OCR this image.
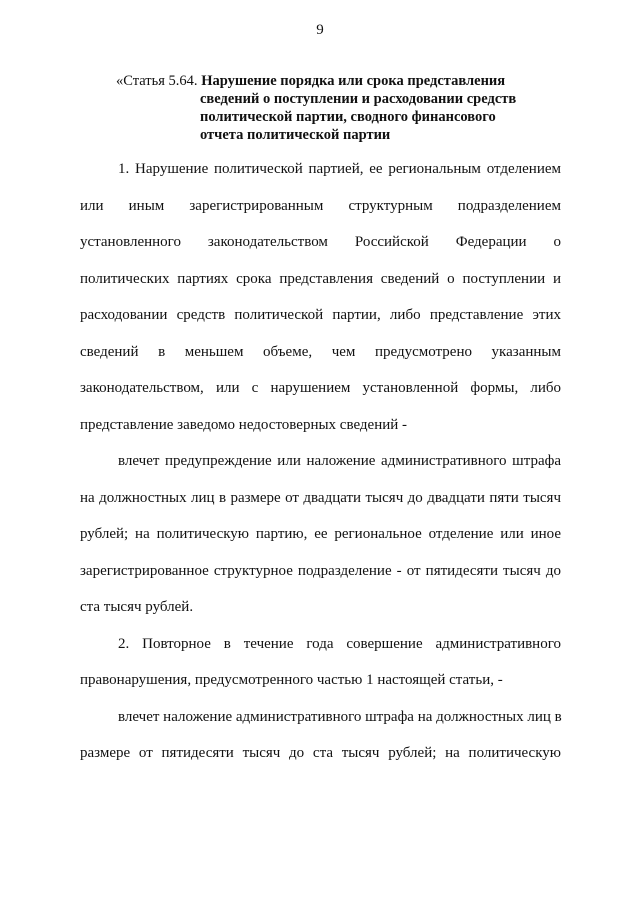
9
«Статья 5.64. Нарушение порядка или срока представления
сведений о поступлении и расходовании средств
политической партии, сводного финансового
отчета политической партии
1. Нарушение политической партией, ее региональным отделением
или иным зарегистрированным структурным подразделением
установленного законодательством Российской Федерации о
политических партиях срока представления сведений о поступлении и
расходовании средств политической партии, либо представление этих
сведений в меньшем объеме, чем предусмотрено указанным
законодательством, или с нарушением установленной формы, либо
представление заведомо недостоверных сведений -
влечет предупреждение или наложение административного штрафа
на должностных лиц в размере от двадцати тысяч до двадцати пяти тысяч
рублей; на политическую партию, ее региональное отделение или иное
зарегистрированное структурное подразделение - от пятидесяти тысяч до
ста тысяч рублей.
2. Повторное в течение года совершение административного
правонарушения, предусмотренного частью 1 настоящей статьи, -
влечет наложение административного штрафа на должностных лиц в
размере от пятидесяти тысяч до ста тысяч рублей; на политическую
